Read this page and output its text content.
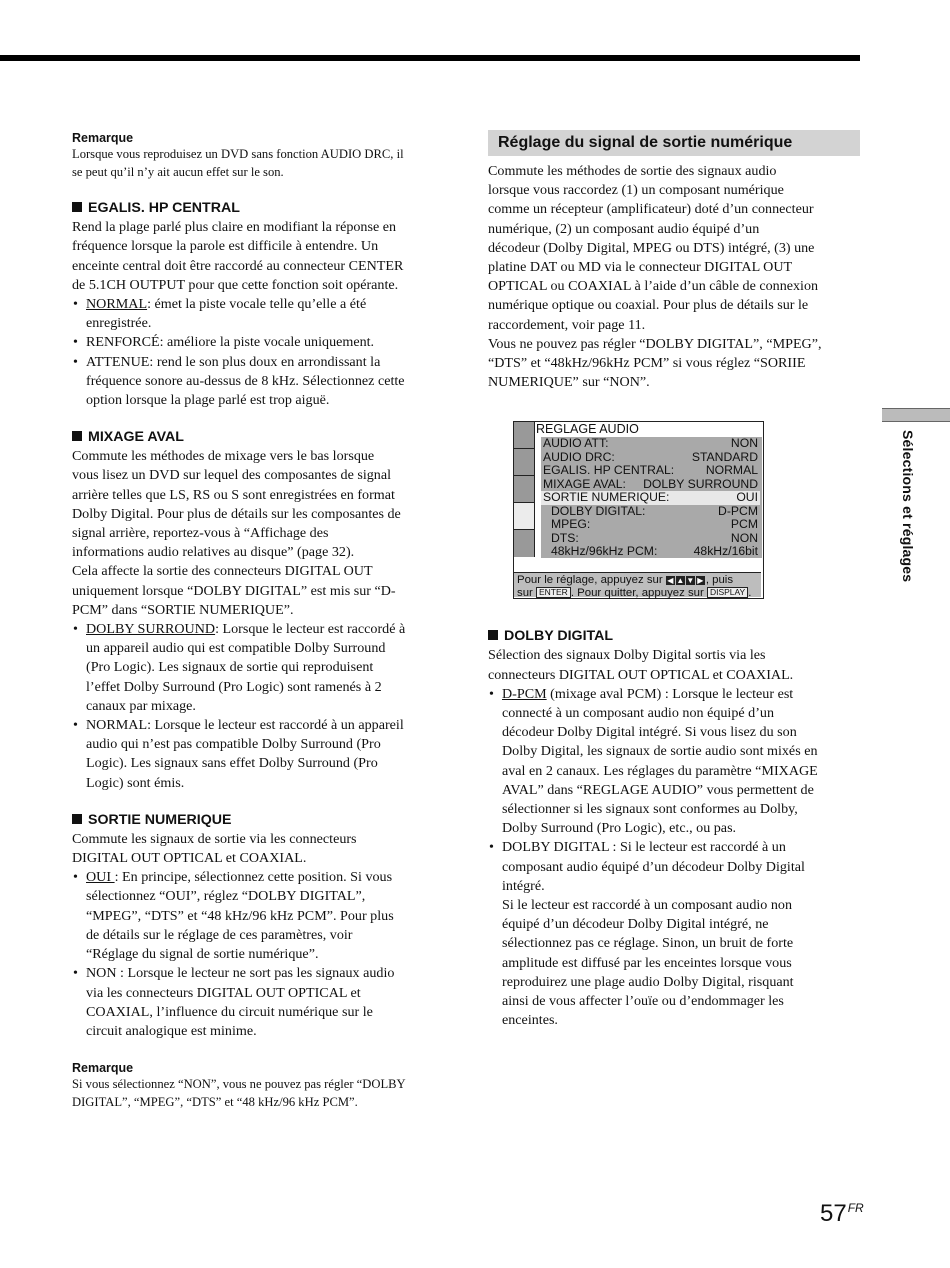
Remarque

Lorsque vous reproduisez un DVD sans fonction AUDIO DRC, il

se peut qu’il n’y ait aucun effet sur le son.

EGALIS. HP CENTRAL

Rend la plage parlé plus claire en modifiant la réponse en

fréquence lorsque la parole est difficile à entendre. Un

enceinte central doit être raccordé au connecteur CENTER

de 5.1CH OUTPUT pour que cette fonction soit opérante.

• NORMAL: émet la piste vocale telle qu’elle a été
enregistrée.
• RENFORCÉ: améliore la piste vocale uniquement.
• ATTENUE: rend le son plus doux en arrondissant la
fréquence sonore au-dessus de 8 kHz. Sélectionnez cette
option lorsque la plage parlé est trop aiguë.

MIXAGE AVAL

Commute les méthodes de mixage vers le bas lorsque

vous lisez un DVD sur lequel des composantes de signal

arrière telles que LS, RS ou S sont enregistrées en format

Dolby Digital. Pour plus de détails sur les composantes de

signal arrière, reportez-vous à “Affichage des

informations audio relatives au disque” (page 32).

Cela affecte la sortie des connecteurs DIGITAL OUT

uniquement lorsque “DOLBY DIGITAL” est mis sur “D-

PCM” dans “SORTIE NUMERIQUE”.

• DOLBY SURROUND: Lorsque le lecteur est raccordé à
un appareil audio qui est compatible Dolby Surround
(Pro Logic). Les signaux de sortie qui reproduisent
l’effet Dolby Surround (Pro Logic) sont ramenés à 2
canaux par mixage.
• NORMAL: Lorsque le lecteur est raccordé à un appareil
audio qui n’est pas compatible Dolby Surround (Pro
Logic). Les signaux sans effet Dolby Surround (Pro
Logic) sont émis.

SORTIE NUMERIQUE

Commute les signaux de sortie via les connecteurs

DIGITAL OUT OPTICAL et COAXIAL.

• OUI : En principe, sélectionnez cette position. Si vous
sélectionnez “OUI”, réglez “DOLBY DIGITAL”,
“MPEG”, “DTS” et “48 kHz/96 kHz PCM”. Pour plus
de détails sur le réglage de ces paramètres, voir
“Réglage du signal de sortie numérique”.
• NON : Lorsque le lecteur ne sort pas les signaux audio
via les connecteurs DIGITAL OUT OPTICAL et
COAXIAL, l’influence du circuit numérique sur le
circuit analogique est minime.

Remarque

Si vous sélectionnez “NON”, vous ne pouvez pas régler “DOLBY

DIGITAL”, “MPEG”, “DTS” et “48 kHz/96 kHz PCM”.

Réglage du signal de sortie numérique

Commute les méthodes de sortie des signaux audio

lorsque vous raccordez (1) un composant numérique

comme un récepteur (amplificateur) doté d’un connecteur

numérique, (2) un composant audio équipé d’un

décodeur (Dolby Digital, MPEG ou DTS) intégré, (3) une

platine DAT ou MD via le connecteur DIGITAL OUT

OPTICAL ou COAXIAL à l’aide d’un câble de connexion

numérique optique ou coaxial. Pour plus de détails sur le

raccordement, voir page 11.

Vous ne pouvez pas régler “DOLBY DIGITAL”, “MPEG”,

“DTS” et “48kHz/96kHz PCM” si vous réglez “SORIIE

NUMERIQUE” sur “NON”.

REGLAGE AUDIO
AUDIO ATT:	NON
AUDIO DRC:	STANDARD
EGALIS. HP CENTRAL:	NORMAL
MIXAGE AVAL: DOLBY SURROUND
SORTIE NUMERIQUE:	OUI
DOLBY DIGITAL:	D-PCM
MPEG:	PCM
DTS:	NON
48kHz/96kHz PCM:	48kHz/16bit
Pour le réglage, appuyez sur ◀ ▲ ▼ ▶ , puis
sur ENTER . Pour quitter, appuyez sur DISPLAY .

DOLBY DIGITAL

Sélection des signaux Dolby Digital sortis via les

connecteurs DIGITAL OUT OPTICAL et COAXIAL.

• D-PCM (mixage aval PCM) : Lorsque le lecteur est
connecté à un composant audio non équipé d’un
décodeur Dolby Digital intégré. Si vous lisez du son
Dolby Digital, les signaux de sortie audio sont mixés en
aval en 2 canaux. Les réglages du paramètre “MIXAGE
AVAL” dans “REGLAGE AUDIO” vous permettent de
sélectionner si les signaux sont conformes au Dolby,
Dolby Surround (Pro Logic), etc., ou pas.
• DOLBY DIGITAL : Si le lecteur est raccordé à un
composant audio équipé d’un décodeur Dolby Digital
intégré.
Si le lecteur est raccordé à un composant audio non
équipé d’un décodeur Dolby Digital intégré, ne
sélectionnez pas ce réglage. Sinon, un bruit de forte
amplitude est diffusé par les enceintes lorsque vous
reproduirez une plage audio Dolby Digital, risquant
ainsi de vous affecter l’ouïe ou d’endommager les
enceintes.
Sélections et réglages
$57^{FR}$
